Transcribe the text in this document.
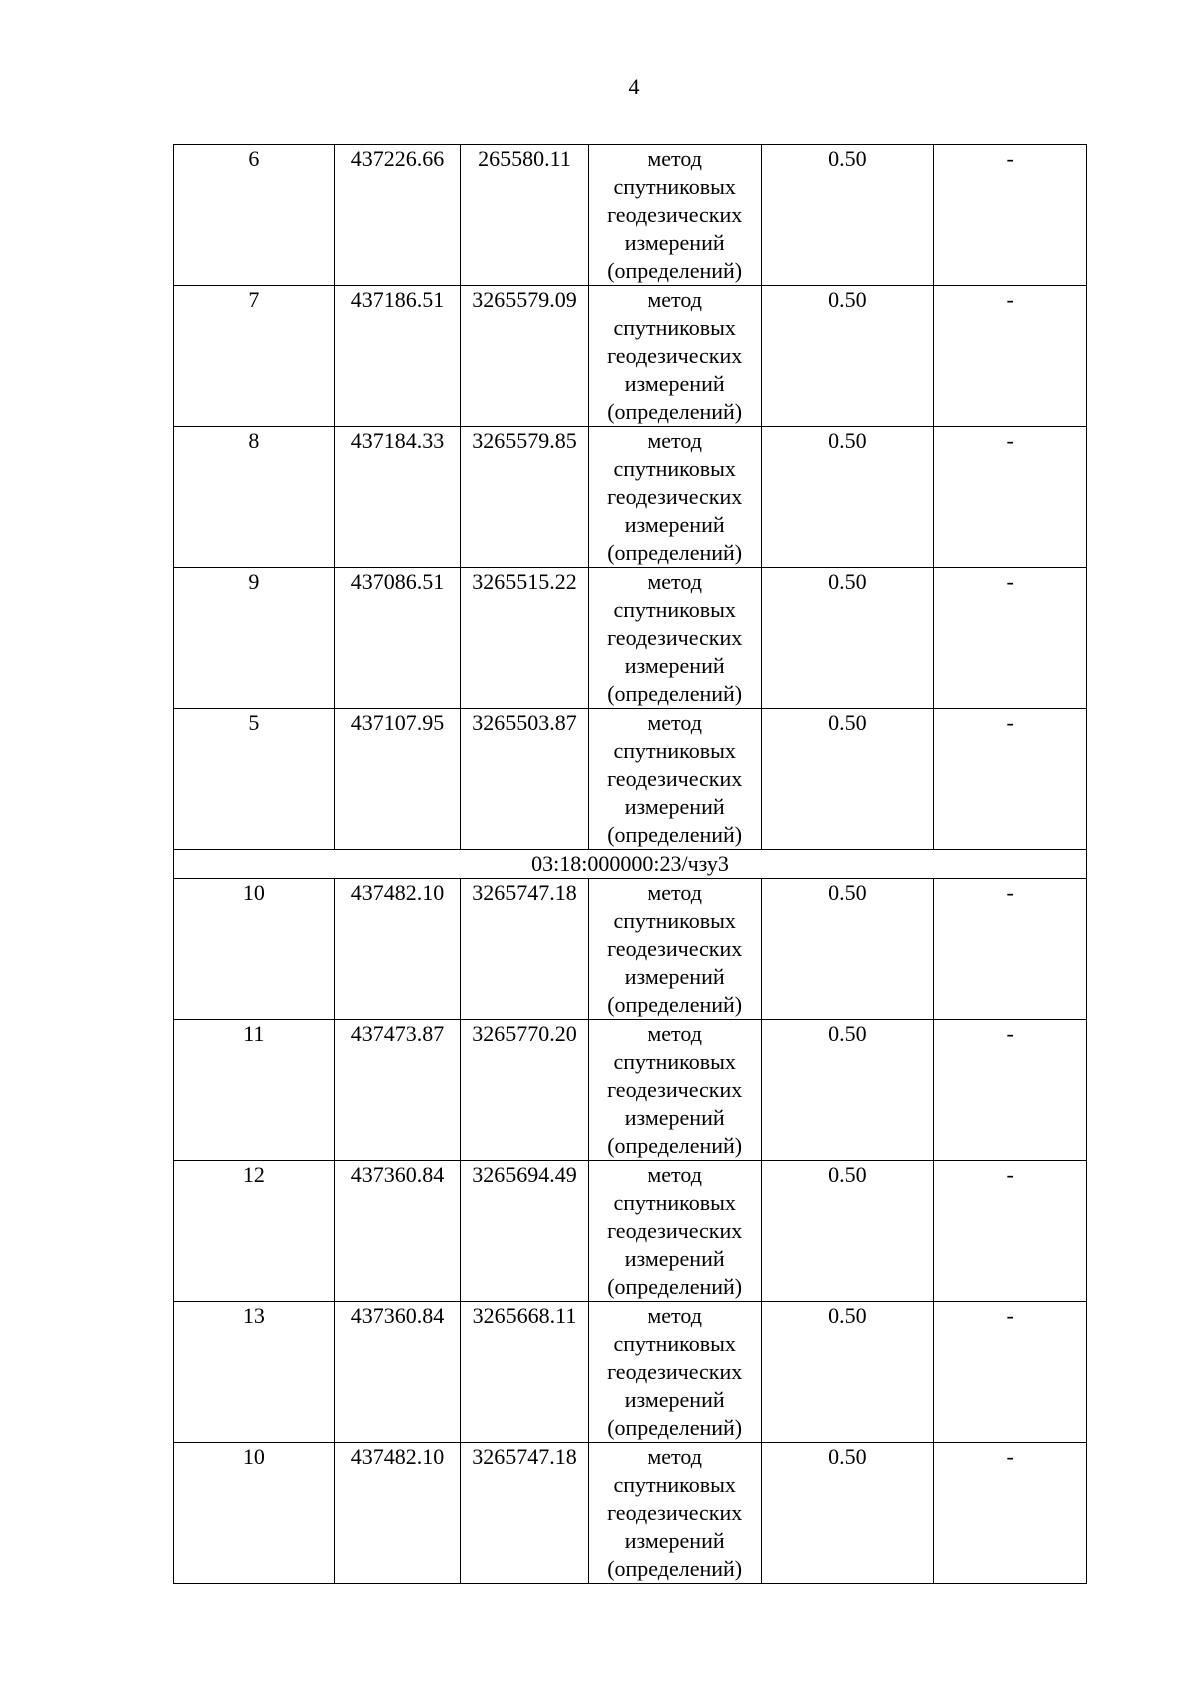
4
6	437226.66	265580.11	метод спутниковых геодезических измерений (определений)	0.50	-
7	437186.51	3265579.09	метод спутниковых геодезических измерений (определений)	0.50	-
8	437184.33	3265579.85	метод спутниковых геодезических измерений (определений)	0.50	-
9	437086.51	3265515.22	метод спутниковых геодезических измерений (определений)	0.50	-
5	437107.95	3265503.87	метод спутниковых геодезических измерений (определений)	0.50	-
03:18:000000:23/чзу3					
10	437482.10	3265747.18	метод спутниковых геодезических измерений (определений)	0.50	-
11	437473.87	3265770.20	метод спутниковых геодезических измерений (определений)	0.50	-
12	437360.84	3265694.49	метод спутниковых геодезических измерений (определений)	0.50	-
13	437360.84	3265668.11	метод спутниковых геодезических измерений (определений)	0.50	-
10	437482.10	3265747.18	метод спутниковых геодезических измерений (определений)	0.50	-
